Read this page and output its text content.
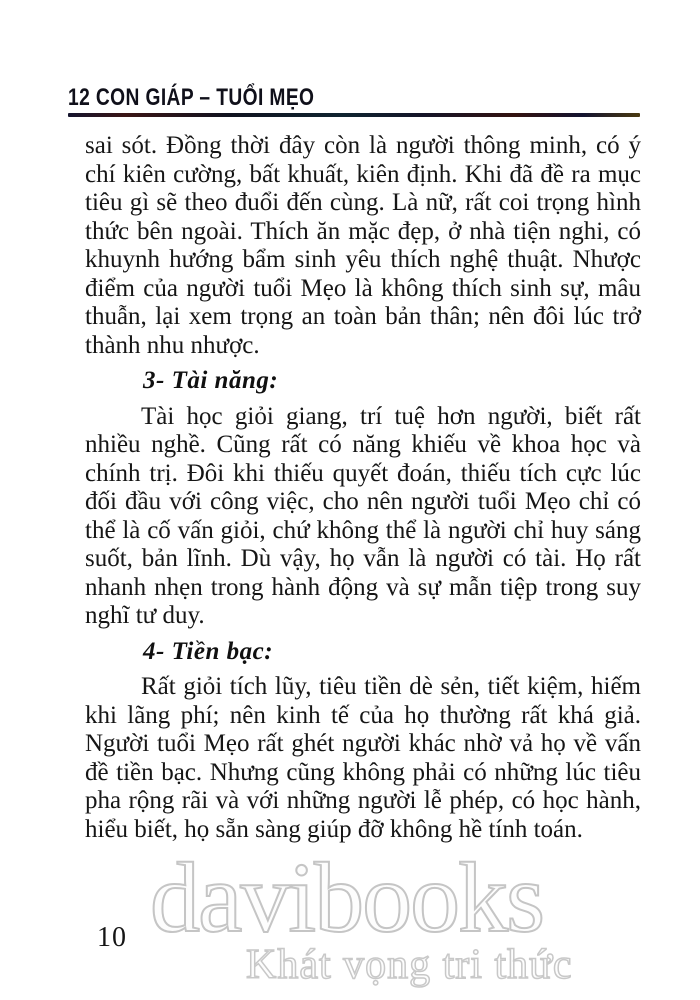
12 CON GIÁP – TUỔI MẸO
davibooks
Khát vọng tri thức

sai sót. Đồng thời đây còn là người thông minh, có ý chí kiên cường, bất khuất, kiên định. Khi đã đề ra mục tiêu gì sẽ theo đuổi đến cùng. Là nữ, rất coi trọng hình thức bên ngoài. Thích ăn mặc đẹp, ở nhà tiện nghi, có khuynh hướng bẩm sinh yêu thích nghệ thuật. Nhược điểm của người tuổi Mẹo là không thích sinh sự, mâu thuẫn, lại xem trọng an toàn bản thân; nên đôi lúc trở thành nhu nhược.

3- Tài năng:

Tài học giỏi giang, trí tuệ hơn người, biết rất nhiều nghề. Cũng rất có năng khiếu về khoa học và chính trị. Đôi khi thiếu quyết đoán, thiếu tích cực lúc đối đầu với công việc, cho nên người tuổi Mẹo chỉ có thể là cố vấn giỏi, chứ không thể là người chỉ huy sáng suốt, bản lĩnh. Dù vậy, họ vẫn là người có tài. Họ rất nhanh nhẹn trong hành động và sự mẫn tiệp trong suy nghĩ tư duy.

4- Tiền bạc:

Rất giỏi tích lũy, tiêu tiền dè sẻn, tiết kiệm, hiếm khi lãng phí; nên kinh tế của họ thường rất khá giả. Người tuổi Mẹo rất ghét người khác nhờ vả họ về vấn đề tiền bạc. Nhưng cũng không phải có những lúc tiêu pha rộng rãi và với những người lễ phép, có học hành, hiểu biết, họ sẵn sàng giúp đỡ không hề tính toán.

10
